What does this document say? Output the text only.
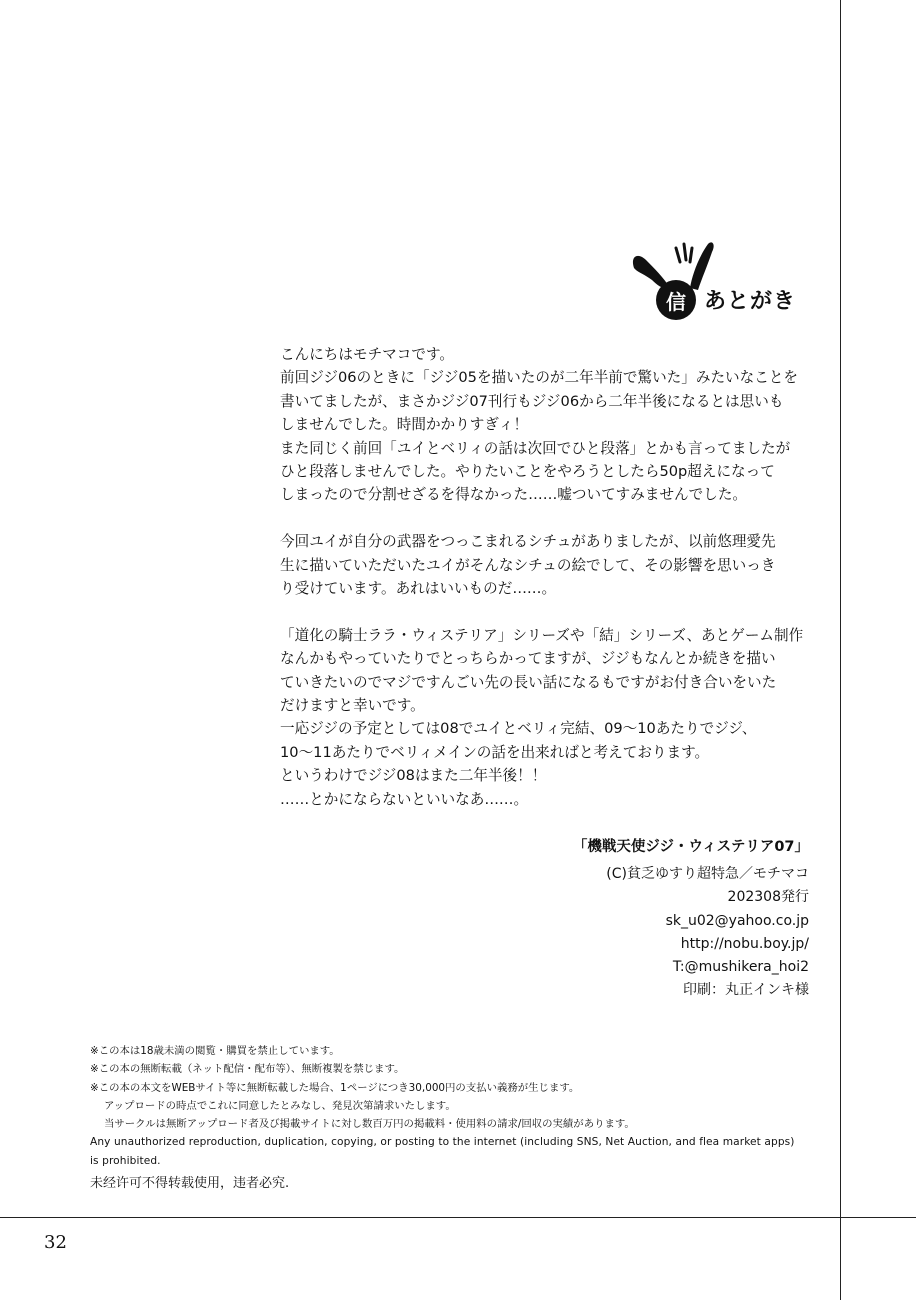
信 あとがき
こんにちはモチマコです。
前回ジジ06のときに「ジジ05を描いたのが二年半前で驚いた」みたいなことを
書いてましたが、まさかジジ07刊行もジジ06から二年半後になるとは思いも
しませんでした。時間かかりすぎィ！
また同じく前回「ユイとベリィの話は次回でひと段落」とかも言ってましたが
ひと段落しませんでした。やりたいことをやろうとしたら50p超えになって
しまったので分割せざるを得なかった……嘘ついてすみませんでした。
今回ユイが自分の武器をつっこまれるシチュがありましたが、以前悠理愛先
生に描いていただいたユイがそんなシチュの絵でして、その影響を思いっき
り受けています。あれはいいものだ……。
「道化の騎士ララ・ウィステリア」シリーズや「結」シリーズ、あとゲーム制作
なんかもやっていたりでとっちらかってますが、ジジもなんとか続きを描い
ていきたいのでマジですんごい先の長い話になるもですがお付き合いをいた
だけますと幸いです。
一応ジジの予定としては08でユイとベリィ完結、09〜10あたりでジジ、
10〜11あたりでベリィメインの話を出来ればと考えております。
というわけでジジ08はまた二年半後！！
……とかにならないといいなあ……。
「機戦天使ジジ・ウィステリア07」
(C)貧乏ゆすり超特急／モチマコ
202308発行
sk_u02@yahoo.co.jp
http://nobu.boy.jp/
T:@mushikera_hoi2
印刷：丸正インキ様
※この本は18歳未満の閲覧・購買を禁止しています。
※この本の無断転載（ネット配信・配布等）、無断複製を禁じます。
※この本の本文をWEBサイト等に無断転載した場合、1ページにつき30,000円の支払い義務が生じます。
アップロードの時点でこれに同意したとみなし、発見次第請求いたします。
当サークルは無断アップロード者及び掲載サイトに対し数百万円の掲載料・使用料の請求/回収の実績があります。
Any unauthorized reproduction, duplication, copying, or posting to the internet (including SNS, Net Auction, and flea market apps)
is prohibited.
未经许可不得转载使用，违者必究.
32
